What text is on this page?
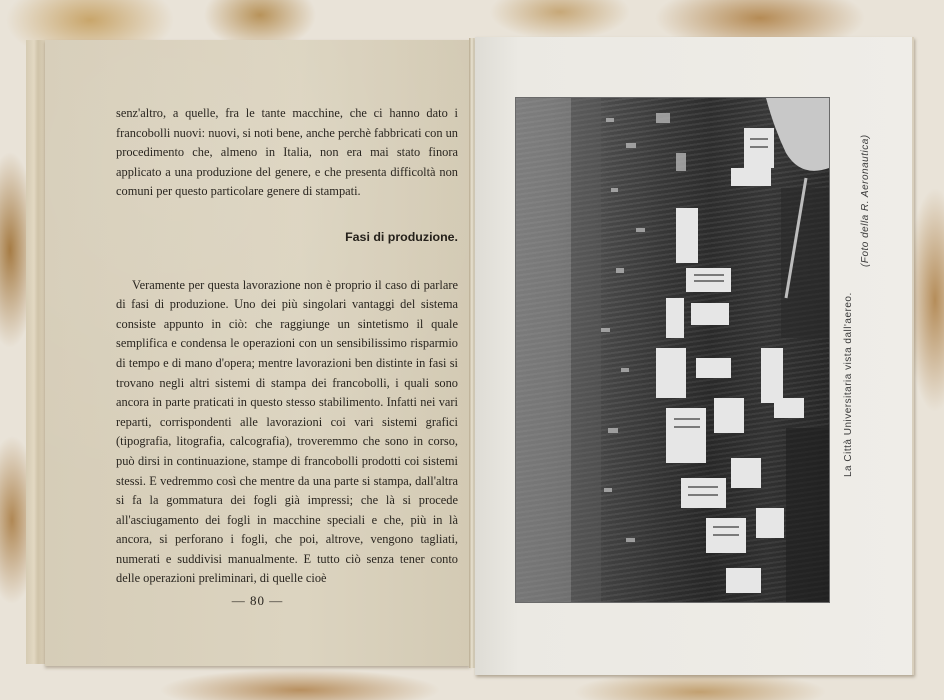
senz'altro, a quelle, fra le tante macchine, che ci hanno dato i francobolli nuovi: nuovi, si noti bene, anche perchè fabbricati con un procedimento che, almeno in Italia, non era mai stato finora applicato a una produzione del genere, e che presenta difficoltà non comuni per questo particolare genere di stampati.

Fasi di produzione.

Veramente per questa lavorazione non è proprio il caso di parlare di fasi di produzione. Uno dei più singolari vantaggi del sistema consiste appunto in ciò: che raggiunge un sintetismo il quale semplifica e condensa le operazioni con un sensibilissimo risparmio di tempo e di mano d'opera; mentre lavorazioni ben distinte in fasi si trovano negli altri sistemi di stampa dei francobolli, i quali sono ancora in parte praticati in questo stesso stabilimento. Infatti nei vari reparti, corrispondenti alle lavorazioni coi vari sistemi grafici (tipografia, litografia, calcografia), troveremmo che sono in corso, può dirsi in continuazione, stampe di francobolli prodotti coi sistemi stessi. E vedremmo così che mentre da una parte si stampa, dall'altra si fa la gommatura dei fogli già impressi; che là si procede all'asciugamento dei fogli in macchine speciali e che, più in là ancora, si perforano i fogli, che poi, altrove, vengono tagliati, numerati e suddivisi manualmente. E tutto ciò senza tener conto delle operazioni preliminari, di quelle cioè

— 80 —
La Città Universitaria vista dall'aereo.
(Foto della R. Aeronautica)
